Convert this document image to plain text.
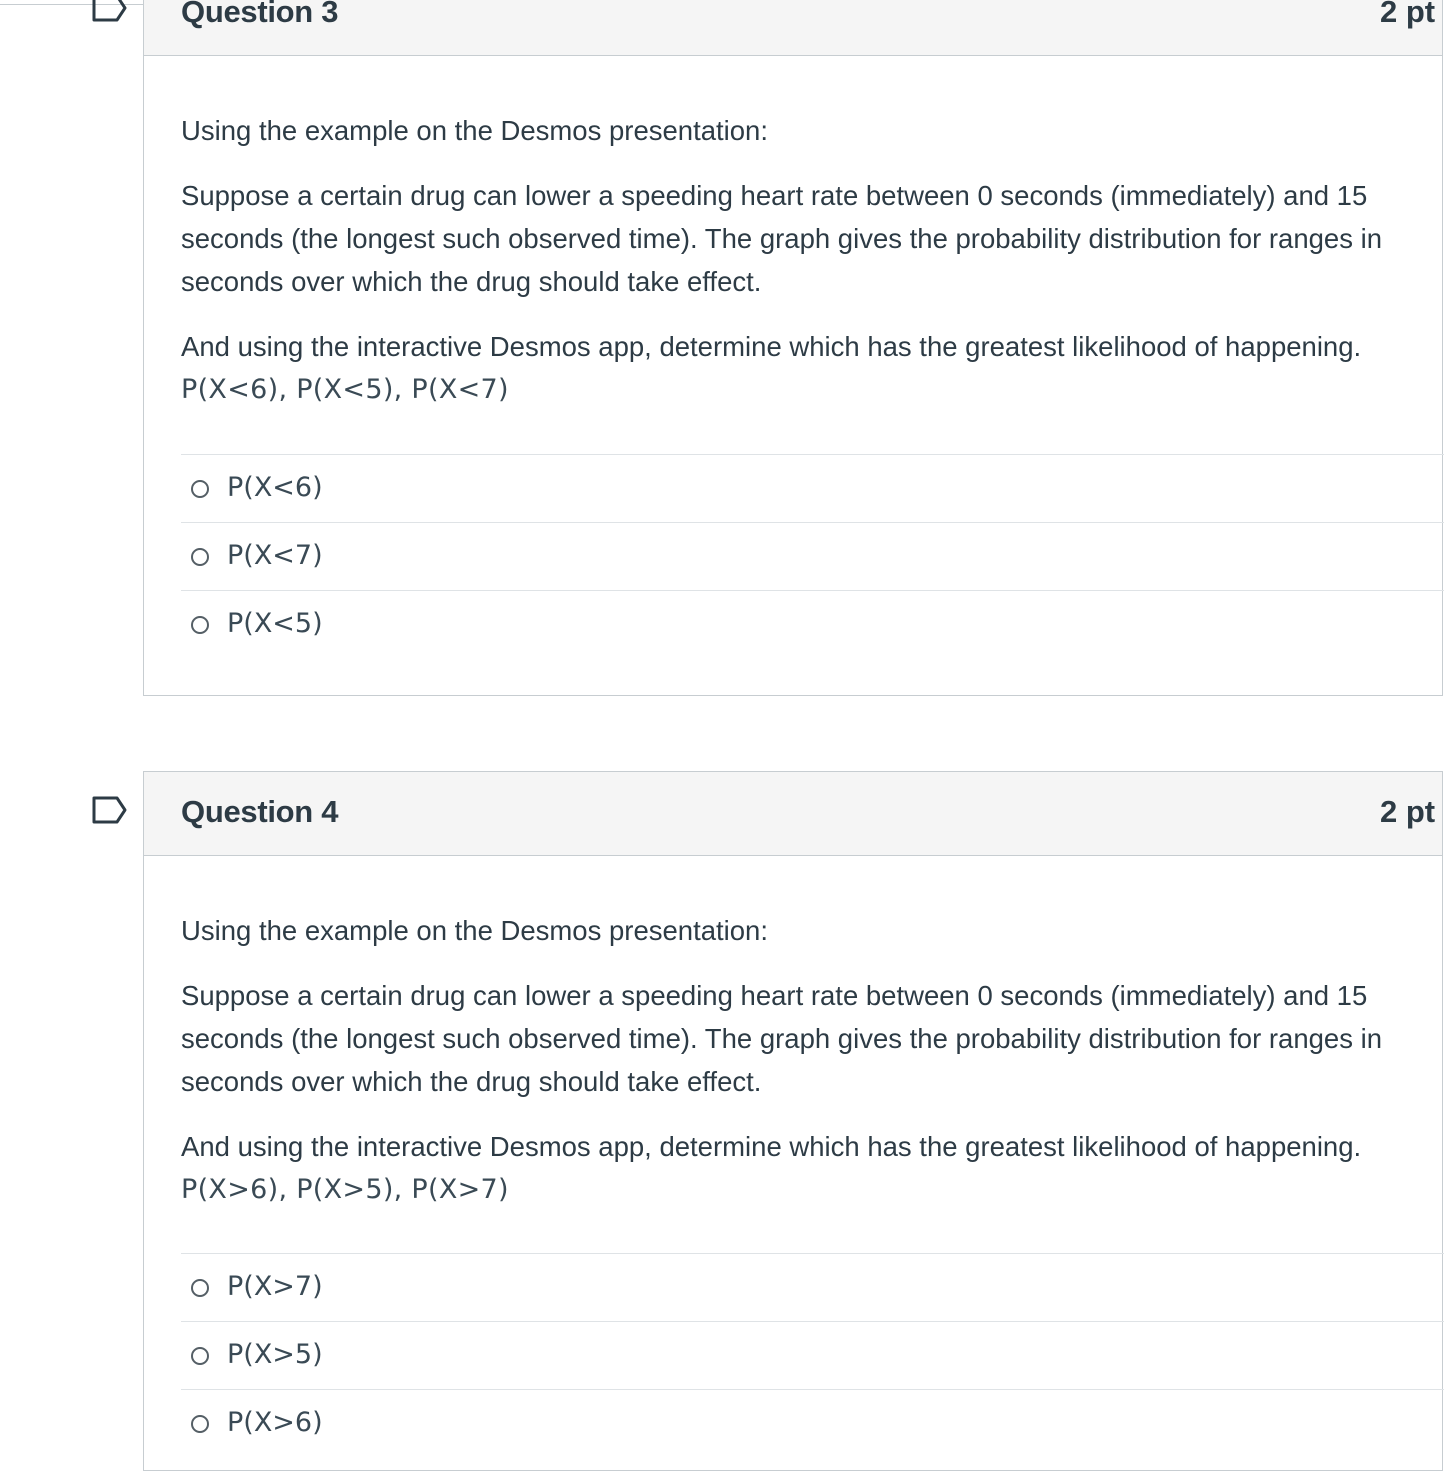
Question 3	2 pt

Using the example on the Desmos presentation:

Suppose a certain drug can lower a speeding heart rate between 0 seconds (immediately) and 15 seconds (the longest such observed time). The graph gives the probability distribution for ranges in seconds over which the drug should take effect.

And using the interactive Desmos app, determine which has the greatest likelihood of happening.

P(X<6), P(X<5), P(X<7)

P(X<6)
P(X<7)
P(X<5)
Question 4	2 pt

Using the example on the Desmos presentation:

Suppose a certain drug can lower a speeding heart rate between 0 seconds (immediately) and 15 seconds (the longest such observed time). The graph gives the probability distribution for ranges in seconds over which the drug should take effect.

And using the interactive Desmos app, determine which has the greatest likelihood of happening.

P(X>6), P(X>5), P(X>7)

P(X>7)
P(X>5)
P(X>6)
